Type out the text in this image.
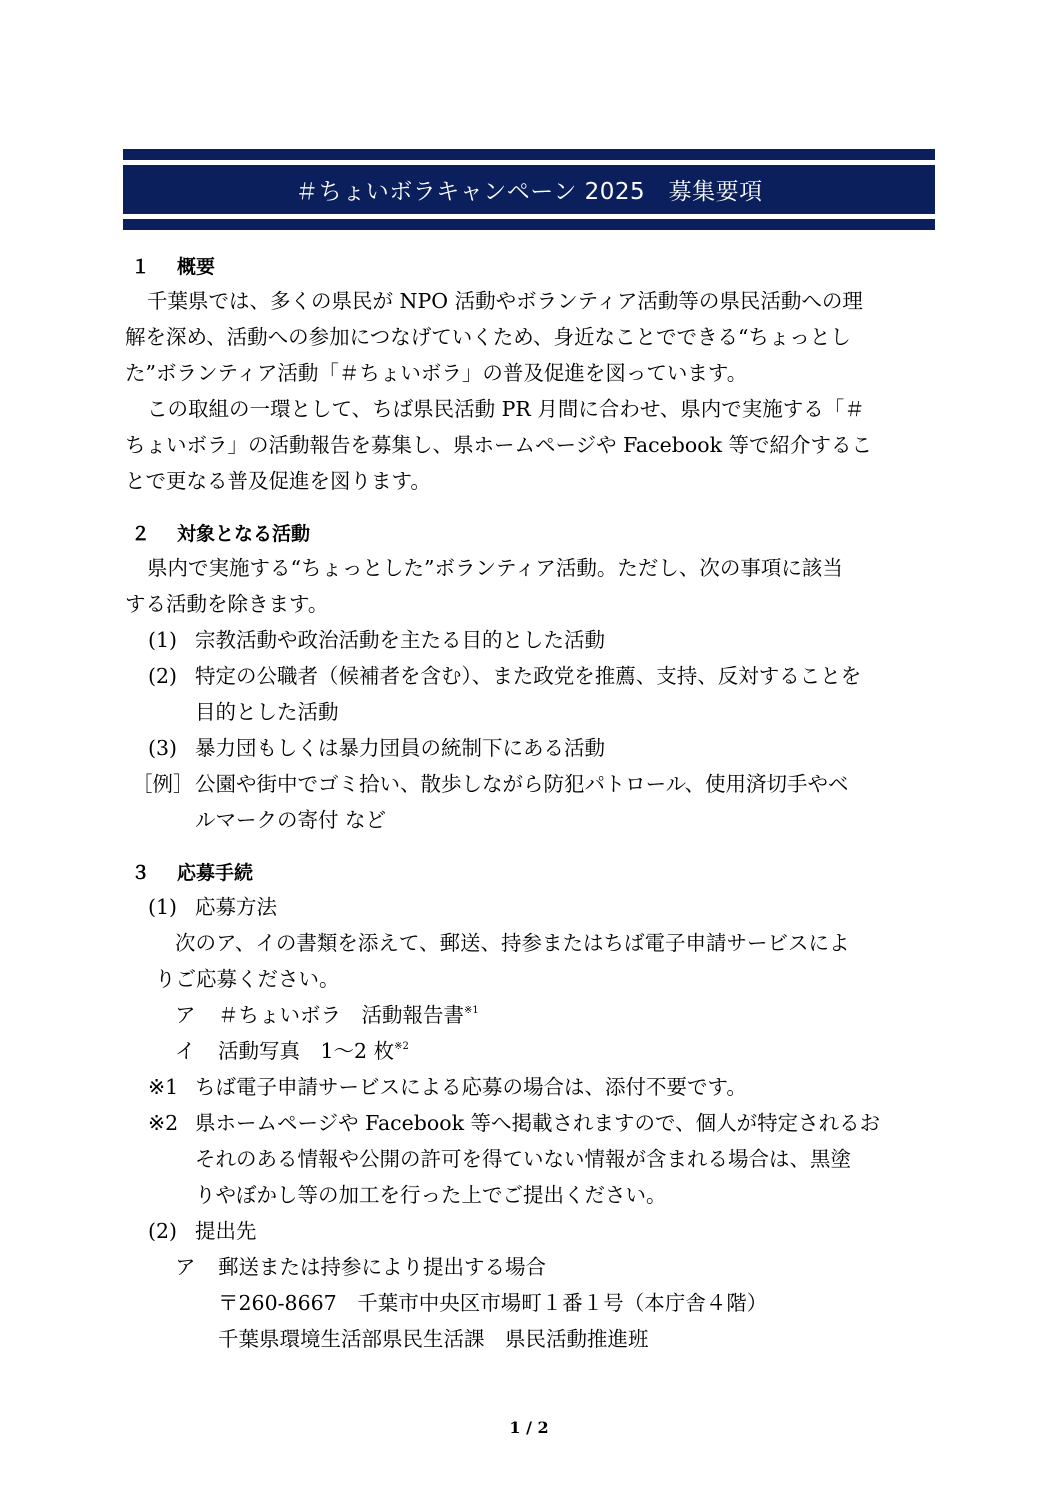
＃ちょいボラキャンペーン 2025　募集要項
１ 概要
千葉県では、多くの県民が NPO 活動やボランティア活動等の県民活動への理
解を深め、活動への参加につなげていくため、身近なことでできる“ちょっとし
た”ボランティア活動「＃ちょいボラ」の普及促進を図っています。
この取組の一環として、ちば県民活動 PR 月間に合わせ、県内で実施する「＃
ちょいボラ」の活動報告を募集し、県ホームページや Facebook 等で紹介するこ
とで更なる普及促進を図ります。
２ 対象となる活動
県内で実施する“ちょっとした”ボランティア活動。ただし、次の事項に該当
する活動を除きます。
(1) 宗教活動や政治活動を主たる目的とした活動
(2) 特定の公職者（候補者を含む）、また政党を推薦、支持、反対することを
目的とした活動
(3) 暴力団もしくは暴力団員の統制下にある活動
［例］ 公園や街中でゴミ拾い、散歩しながら防犯パトロール、使用済切手やベ
ルマークの寄付 など
３ 応募手続
(1) 応募方法
次のア、イの書類を添えて、郵送、持参またはちば電子申請サービスによ
りご応募ください。
ア ＃ちょいボラ　活動報告書$^{※1}$
イ 活動写真　1～2 枚$^{※2}$
※1 ちば電子申請サービスによる応募の場合は、添付不要です。
※2 県ホームページや Facebook 等へ掲載されますので、個人が特定されるお
それのある情報や公開の許可を得ていない情報が含まれる場合は、黒塗
りやぼかし等の加工を行った上でご提出ください。
(2) 提出先
ア 郵送または持参により提出する場合
〒260-8667　千葉市中央区市場町１番１号（本庁舎４階）
千葉県環境生活部県民生活課　県民活動推進班
1 / 2
